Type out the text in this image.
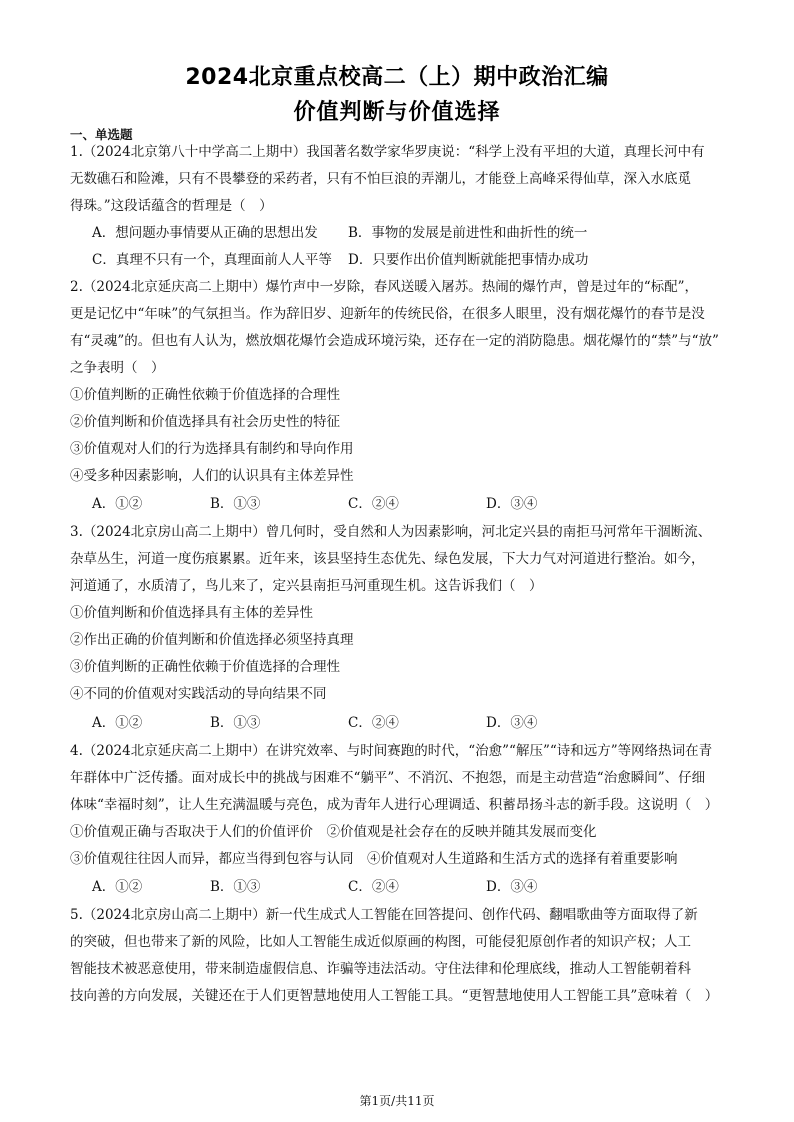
2024北京重点校高二（上）期中政治汇编
价值判断与价值选择
一、单选题
1.（2024北京第八十中学高二上期中）我国著名数学家华罗庚说：“科学上没有平坦的大道，真理长河中有
无数礁石和险滩，只有不畏攀登的采药者，只有不怕巨浪的弄潮儿，才能登上高峰采得仙草，深入水底觅
得珠。”这段话蕴含的哲理是（　）
A．想问题办事情要从正确的思想出发 B．事物的发展是前进性和曲折性的统一
C．真理不只有一个，真理面前人人平等 D．只要作出价值判断就能把事情办成功
2.（2024北京延庆高二上期中）爆竹声中一岁除，春风送暖入屠苏。热闹的爆竹声，曾是过年的“标配”，
更是记忆中“年味”的气氛担当。作为辞旧岁、迎新年的传统民俗，在很多人眼里，没有烟花爆竹的春节是没
有“灵魂”的。但也有人认为，燃放烟花爆竹会造成环境污染，还存在一定的消防隐患。烟花爆竹的“禁”与“放”
之争表明（　）
①价值判断的正确性依赖于价值选择的合理性
②价值判断和价值选择具有社会历史性的特征
③价值观对人们的行为选择具有制约和导向作用
④受多种因素影响，人们的认识具有主体差异性
A．①②	B．①③	C．②④	D．③④
3.（2024北京房山高二上期中）曾几何时，受自然和人为因素影响，河北定兴县的南拒马河常年干涸断流、
杂草丛生，河道一度伤痕累累。近年来，该县坚持生态优先、绿色发展，下大力气对河道进行整治。如今，
河道通了，水质清了，鸟儿来了，定兴县南拒马河重现生机。这告诉我们（　）
①价值判断和价值选择具有主体的差异性
②作出正确的价值判断和价值选择必须坚持真理
③价值判断的正确性依赖于价值选择的合理性
④不同的价值观对实践活动的导向结果不同
A．①②	B．①③	C．②④	D．③④
4.（2024北京延庆高二上期中）在讲究效率、与时间赛跑的时代，“治愈”“解压”“诗和远方”等网络热词在青
年群体中广泛传播。面对成长中的挑战与困难不“躺平”、不消沉、不抱怨，而是主动营造“治愈瞬间”、仔细
体味“幸福时刻”，让人生充满温暖与亮色，成为青年人进行心理调适、积蓄昂扬斗志的新手段。这说明（　）
①价值观正确与否取决于人们的价值评价　②价值观是社会存在的反映并随其发展而变化
③价值观往往因人而异，都应当得到包容与认同　④价值观对人生道路和生活方式的选择有着重要影响
A．①②	B．①③	C．②④	D．③④
5.（2024北京房山高二上期中）新一代生成式人工智能在回答提问、创作代码、翻唱歌曲等方面取得了新
的突破，但也带来了新的风险，比如人工智能生成近似原画的构图，可能侵犯原创作者的知识产权；人工
智能技术被恶意使用，带来制造虚假信息、诈骗等违法活动。守住法律和伦理底线，推动人工智能朝着科
技向善的方向发展，关键还在于人们更智慧地使用人工智能工具。“更智慧地使用人工智能工具”意味着（　）
第1页/共11页
